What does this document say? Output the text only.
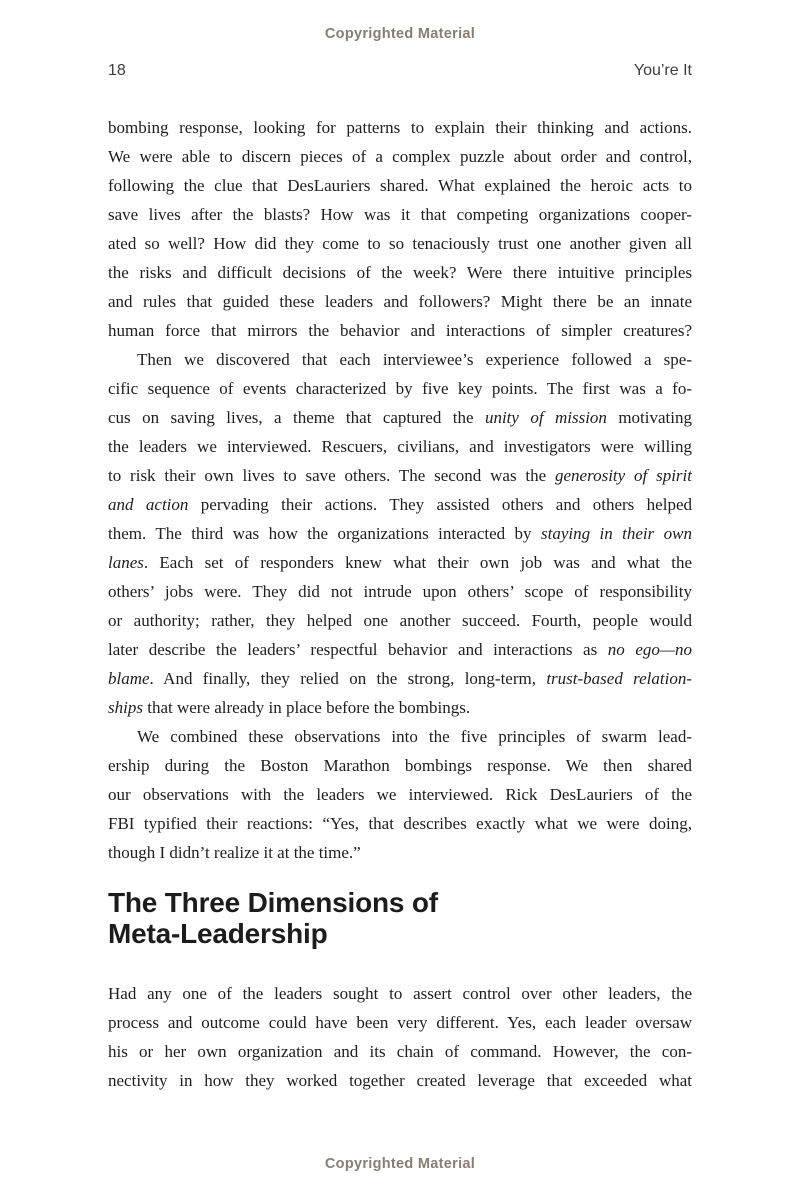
Copyrighted Material
18	You’re It
bombing response, looking for patterns to explain their thinking and actions.
We were able to discern pieces of a complex puzzle about order and control,
following the clue that DesLauriers shared. What explained the heroic acts to
save lives after the blasts? How was it that competing organizations cooper-
ated so well? How did they come to so tenaciously trust one another given all
the risks and difficult decisions of the week? Were there intuitive principles
and rules that guided these leaders and followers? Might there be an innate
human force that mirrors the behavior and interactions of simpler creatures?
Then we discovered that each interviewee’s experience followed a spe-
cific sequence of events characterized by five key points. The first was a fo-
cus on saving lives, a theme that captured the unity of mission motivating
the leaders we interviewed. Rescuers, civilians, and investigators were willing
to risk their own lives to save others. The second was the generosity of spirit
and action pervading their actions. They assisted others and others helped
them. The third was how the organizations interacted by staying in their own
lanes. Each set of responders knew what their own job was and what the
others’ jobs were. They did not intrude upon others’ scope of responsibility
or authority; rather, they helped one another succeed. Fourth, people would
later describe the leaders’ respectful behavior and interactions as no ego—no
blame. And finally, they relied on the strong, long-term, trust-based relation-
ships that were already in place before the bombings.
We combined these observations into the five principles of swarm lead-
ership during the Boston Marathon bombings response. We then shared
our observations with the leaders we interviewed. Rick DesLauriers of the
FBI typified their reactions: “Yes, that describes exactly what we were doing,
though I didn’t realize it at the time.”
The Three Dimensions of
Meta-Leadership
Had any one of the leaders sought to assert control over other leaders, the
process and outcome could have been very different. Yes, each leader oversaw
his or her own organization and its chain of command. However, the con-
nectivity in how they worked together created leverage that exceeded what
Copyrighted Material
